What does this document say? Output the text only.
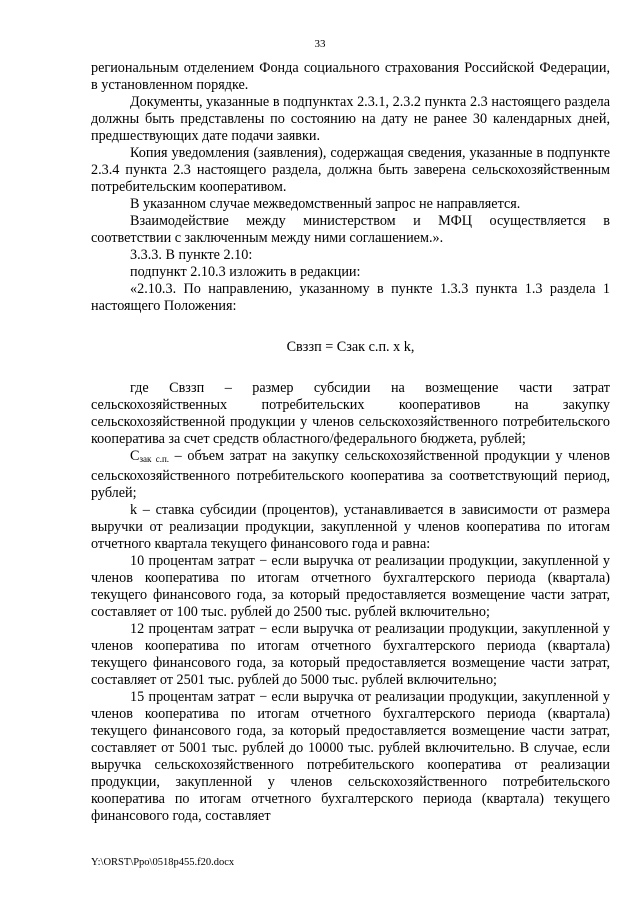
33

региональным отделением Фонда социального страхования Российской Федерации, в установленном порядке.

Документы, указанные в подпунктах 2.3.1, 2.3.2 пункта 2.3 настоящего раздела должны быть представлены по состоянию на дату не ранее 30 календарных дней, предшествующих дате подачи заявки.

Копия уведомления (заявления), содержащая сведения, указанные в подпункте 2.3.4 пункта 2.3 настоящего раздела, должна быть заверена сельскохозяйственным потребительским кооперативом.

В указанном случае межведомственный запрос не направляется.

Взаимодействие между министерством и МФЦ осуществляется в соответствии с заключенным между ними соглашением.».

3.3.3. В пункте 2.10:

подпункт 2.10.3 изложить в редакции:

«2.10.3. По направлению, указанному в пункте 1.3.3 пункта 1.3 раздела 1 настоящего Положения:

Свззп = Сзак с.п. x k,

где Свззп – размер субсидии на возмещение части затрат сельскохозяйственных потребительских кооперативов на закупку сельскохозяйственной продукции у членов сельскохозяйственного потребительского кооператива за счет средств областного/федерального бюджета, рублей;

$С_{зак с.п.}$ – объем затрат на закупку сельскохозяйственной продукции у членов сельскохозяйственного потребительского кооператива за соответствующий период, рублей;

k – ставка субсидии (процентов), устанавливается в зависимости от размера выручки от реализации продукции, закупленной у членов кооператива по итогам отчетного квартала текущего финансового года и равна:

10 процентам затрат − если выручка от реализации продукции, закупленной у членов кооператива по итогам отчетного бухгалтерского периода (квартала) текущего финансового года, за который предоставляется возмещение части затрат, составляет от 100 тыс. рублей до 2500 тыс. рублей включительно;

12 процентам затрат − если выручка от реализации продукции, закупленной у членов кооператива по итогам отчетного бухгалтерского периода (квартала) текущего финансового года, за который предоставляется возмещение части затрат, составляет от 2501 тыс. рублей до 5000 тыс. рублей включительно;

15 процентам затрат − если выручка от реализации продукции, закупленной у членов кооператива по итогам отчетного бухгалтерского периода (квартала) текущего финансового года, за который предоставляется возмещение части затрат, составляет от 5001 тыс. рублей до 10000 тыс. рублей включительно. В случае, если выручка сельскохозяйственного потребительского кооператива от реализации продукции, закупленной у членов сельскохозяйственного потребительского кооператива по итогам отчетного бухгалтерского периода (квартала) текущего финансового года, составляет

Y:\ORST\Ppo\0518p455.f20.docx
